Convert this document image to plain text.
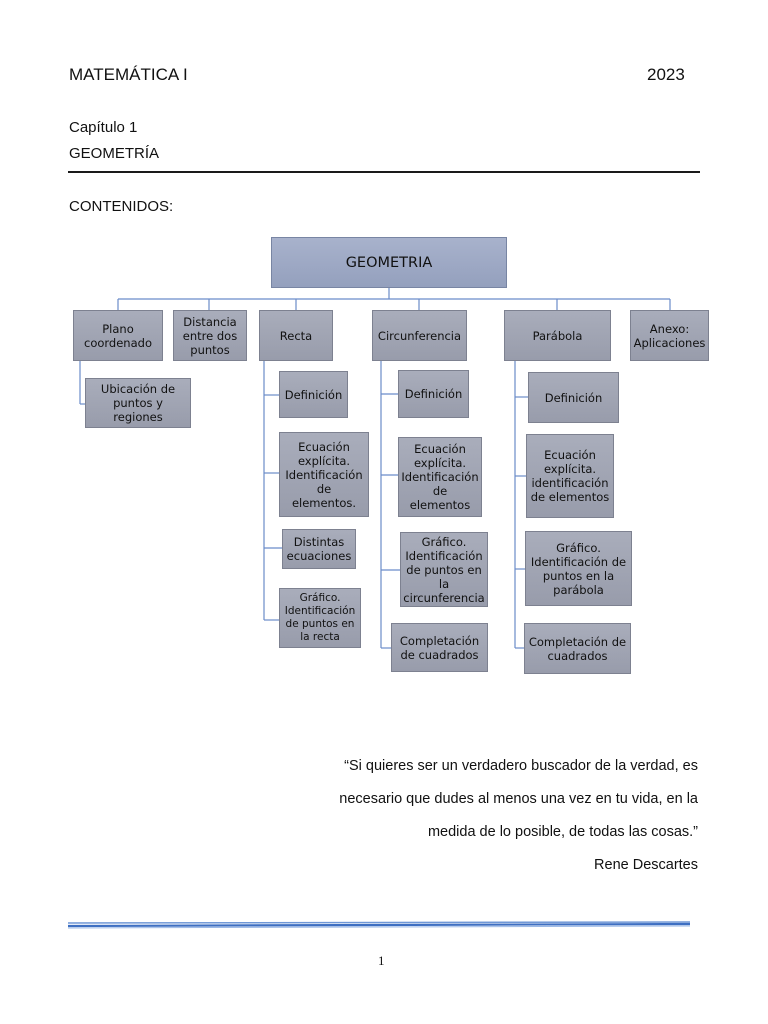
MATEMÁTICA I	2023
Capítulo 1
GEOMETRÍA
CONTENIDOS:
GEOMETRIA
Plano coordenado
Distancia entre dos puntos
Recta	Circunferencia	Parábola	Anexo: Aplicaciones
Ubicación de puntos y regiones
Definición
Ecuación explícita. Identificación de elementos.
Distintas ecuaciones
Gráfico. Identificación de puntos en la recta
Definición
Ecuación explícita. Identificación de elementos
Gráfico. Identificación de puntos en la circunferencia
Completación de cuadrados
Definición
Ecuación explícita. identificación de elementos
Gráfico. Identificación de puntos en la parábola
Completación de cuadrados
“Si quieres ser un verdadero buscador de la verdad, es
necesario que dudes al menos una vez en tu vida, en la
medida de lo posible, de todas las cosas.”
Rene Descartes
1
